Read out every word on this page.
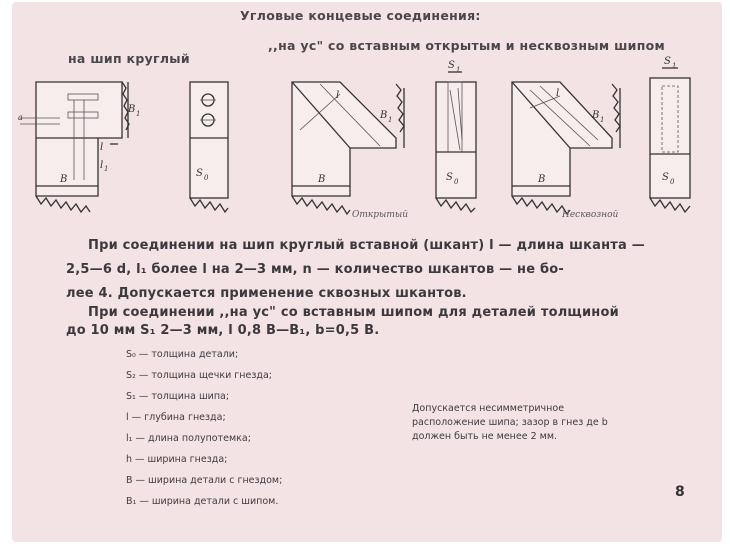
Угловые концевые соединения:
на шип круглый
,,на ус" со вставным открытым и несквозным шипом
B
B 1
l
l 1
a
S 0	B
B 1
l
S 1
S 0	B
B 1
l
S 1
S 0
Открытый	Несквозной
При соединении на шип круглый вставной (шкант) l — длина шканта —
2,5—6 d, l₁ более l на 2—3 мм, n — количество шкантов — не бо-
лее 4. Допускается применение сквозных шкантов.
При соединении ,,на ус" со вставным шипом для деталей толщиной
до 10 мм S₁ 2—3 мм, l 0,8 B—B₁, b=0,5 B.
S₀ — толщина детали;
S₂ — толщина щечки гнезда;
S₁ — толщина шипа;
l — глубина гнезда;
l₁ — длина полупотемка;
h — ширина гнезда;
B — ширина детали с гнездом;
B₁ — ширина детали с шипом.
Допускается несимметричное расположение шипа; зазор в гнез де b должен быть не менее 2 мм.
8
